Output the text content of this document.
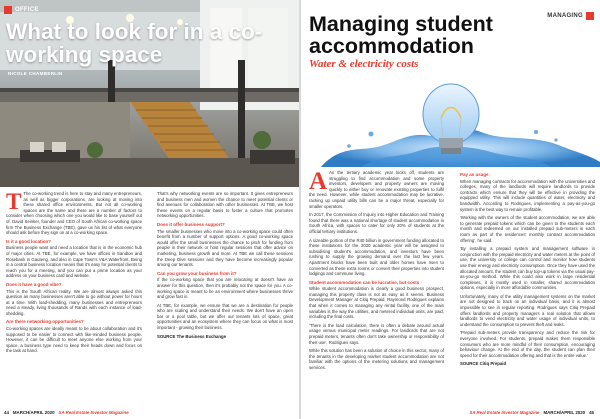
OFFICE
What to look for in a co-working space
NICOLE CHAMBERLIN

T The co-working trend is here to stay and many entrepreneurs, as well as bigger corporations, are looking at moving into these shared office environments. But not all co-working spaces are the same and there are a number of factors to consider when choosing which one you would like to base yourself out of. David Seinker, founder and CEO of South African co-working space firm The Business Exchange (TBE), gave us his list of what everyone should ask before they sign on at a co-working space.

Is it a good location?

Business people want and need a location that is in the economic hub of major cities. At TBE, for example, we have offices in Sandton and Rosebank in Gauteng, and also in Cape Town's V&A Waterfront. Being in a central business location means that it's easy for potential clients to reach you for a meeting, and you can put a prime location as your address on your business card and website.

Does it have a good vibe?

This is the South African reality. We are almost always asked this question as many businesses aren't able to go without power for hours at a time. With load-shedding, many businesses and entrepreneurs need a steady, living thousands of Rands with each instance of load-shedding.

Are there networking opportunities?

Co-working spaces are ideally meant to be about collaboration and it's supposed to be easier to connect with like-minded business people. However, it can be difficult to meet anyone else working from your space, a business type need to keep their heads down and focus on the task at hand.

That's why networking events are so important. It gives entrepreneurs and business men and women the chance to meet potential clients or find avenues for collaboration with other businesses. At TBE, we host these events on a regular basis to foster a culture that promotes networking opportunities.

Does it offer business support?

The smaller businesses who move into a co-working space could often benefit from a number of support options. A good co-working space would offer the small businesses the chance to pitch for funding from people in their network or host regular sessions that offer advice on marketing, business growth and more. At TBE we call these sessions the Deep Dive sessions and they have become increasingly popular among our tenants.

Can you grow your business from it?

If the co-working space that you are relocating at doesn't have an answer for this question, then it's probably not the space for you. A co-working space is meant to be an environment where businesses thrive and grow fast in.

At TBE, for example, we ensure that we are a destination for people who are scaling and understand their needs. We don't have an open bar or a pool table, but we offer our tenants lots of space, great opportunities and an ecosystem where they can focus on what is most important - growing their business.

SOURCE The Business Exchange

44 MARCH/APRIL 2020 SA Real Estate Investor Magazine
MANAGING
Managing student accommodation
Water & electricity costs

A As the tertiary academic year kicks off, students are struggling to find accommodation and some property investors, developers and property owners are moving quickly to either buy or renovate existing properties to fulfil the need. However, while student accommodation may be lucrative, racking up unpaid utility bills can be a major threat, especially for smaller operators.

In 2017, the Commission of Inquiry into Higher Education and Training found that there was a national shortage of student accommodation in South Africa, with spaces to cater for only 20% of students at the official tertiary institutions.

A sizeable portion of the R40 billion in government funding allocated to these institutions for the 2020 academic year will be assigned to subsidising student's accommodation, and investors have been rushing to supply the growing demand over the last few years. Apartment blocks have been built and older homes have risen to converted as these extra rooms or convert their properties into student lodgings and commune living.

Student accommodation can be lucrative, but costs

While student accommodation is clearly a good business prospect, managing this property class is not as easy as it seems. Business Development Manager at Citiq Prepaid, Raymond Rodrigues explains that when it comes to managing any rental facility, one of the main variables is the way the utilities, and metered individual units, are paid, including the final costs.

'There is the load calculation, there is often a debate around actual usage versus municipal meter readings. For landlords that are not prepaid meters, tenants often don't take ownership or responsibility of their use', Rodrigues says.

While this solution has been a solution of choice in this sector, many of the tenants in the developing market student accommodation are not familiar with the options of the metering solutions and management services.

Pay as usage

When managing contracts for accommodation with the universities and colleges, many of the landlords will require landlords to provide contracts which ensure that they will be effective in providing the equipped utility. This will include quantities of water, electricity and bandwidth. According to Rodrigues, implementing a pay-as-you-go system is the best way to remain profitable.

'Working with the owners of the student accommodation, we are able to generate prepaid tokens which can be given to the students each month and redeemed on our installed prepaid sub-meters in each room as part of the residences' monthly contract accommodation offering', he said.

'By installing a prepaid system and management software in conjunction with the prepaid electricity and water meters at the point of use, the university or college can control and monitor how students use their energy and electricity consumption. Once they have used the allocated amount, the student can buy top-up tokens via the usual pay-as-you-go method. While this could also work in large residential complexes, it is mostly used in smaller, shared accommodation options, especially in more affordable communities.

Unfortunately, many of the utility management systems on the market are not designed to track on an individual basis, and it is almost impossible to see in regular reporting. Rodrigues says Citiq Prepaid offers landlords and property managers a real solution that allows landlords to vend electricity and water usage of individual units, to understand the consumption to prevent theft and leaks.

'Prepaid sub-meters provide transparency and reduce the risk for everyone involved. For students, prepaid makes them responsible consumers who are more mindful of their consumption, encouraging behaviour change. At the end of the day, the student can plan their spend for their accommodation offering and that is the entire value.'

SOURCE Citiq Prepaid

SA Real Estate Investor Magazine MARCH/APRIL 2020 45
